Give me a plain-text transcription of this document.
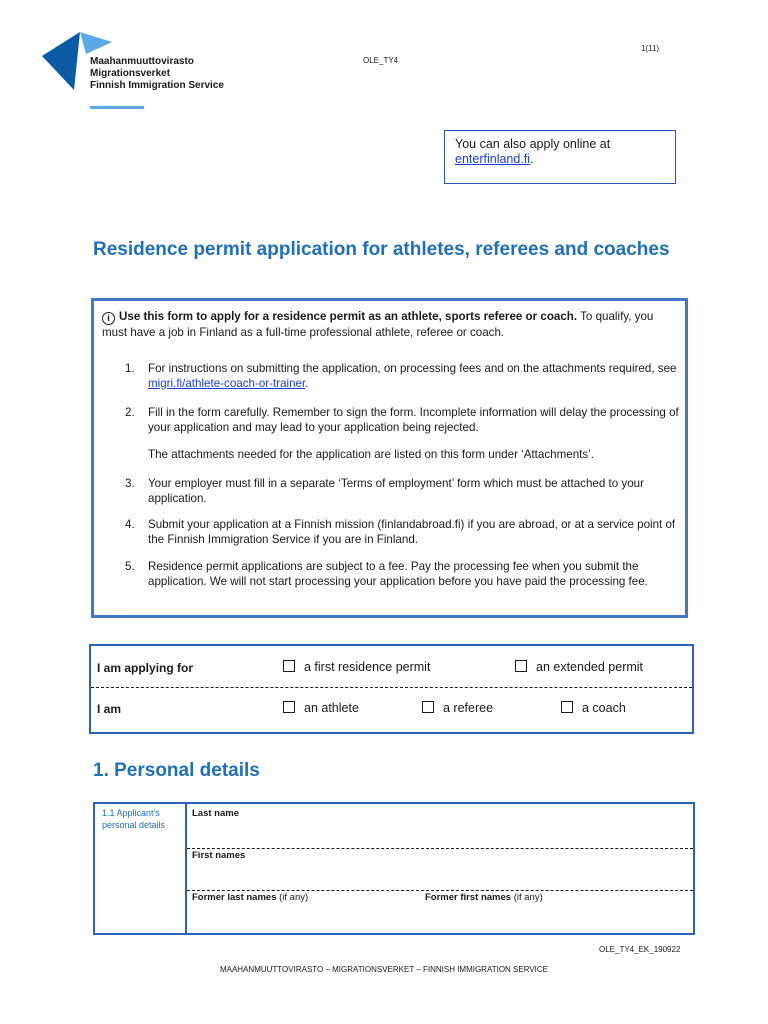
Maahanmuuttovirasto
Migrationsverket
Finnish Immigration Service
OLE_TY4
1(11)
You can also apply online at
enterfinland.fi.
Residence permit application for athletes, referees and coaches
i Use this form to apply for a residence permit as an athlete, sports referee or coach. To qualify, you must have a job in Finland as a full-time professional athlete, referee or coach.
1. For instructions on submitting the application, on processing fees and on the attachments required, see migri.fi/athlete-coach-or-trainer.
2. Fill in the form carefully. Remember to sign the form. Incomplete information will delay the processing of your application and may lead to your application being rejected.
The attachments needed for the application are listed on this form under ‘Attachments’.
3. Your employer must fill in a separate ‘Terms of employment’ form which must be attached to your application.
4. Submit your application at a Finnish mission (finlandabroad.fi) if you are abroad, or at a service point of the Finnish Immigration Service if you are in Finland.
5. Residence permit applications are subject to a fee. Pay the processing fee when you submit the application. We will not start processing your application before you have paid the processing fee.
I am applying for	a first residence permit	an extended permit
I am	an athlete	a referee	a coach
1. Personal details
1.1 Applicant's personal details
Last name
First names
Former last names (if any)	Former first names (if any)
OLE_TY4_EK_190922
MAAHANMUUTTOVIRASTO – MIGRATIONSVERKET – FINNISH IMMIGRATION SERVICE
